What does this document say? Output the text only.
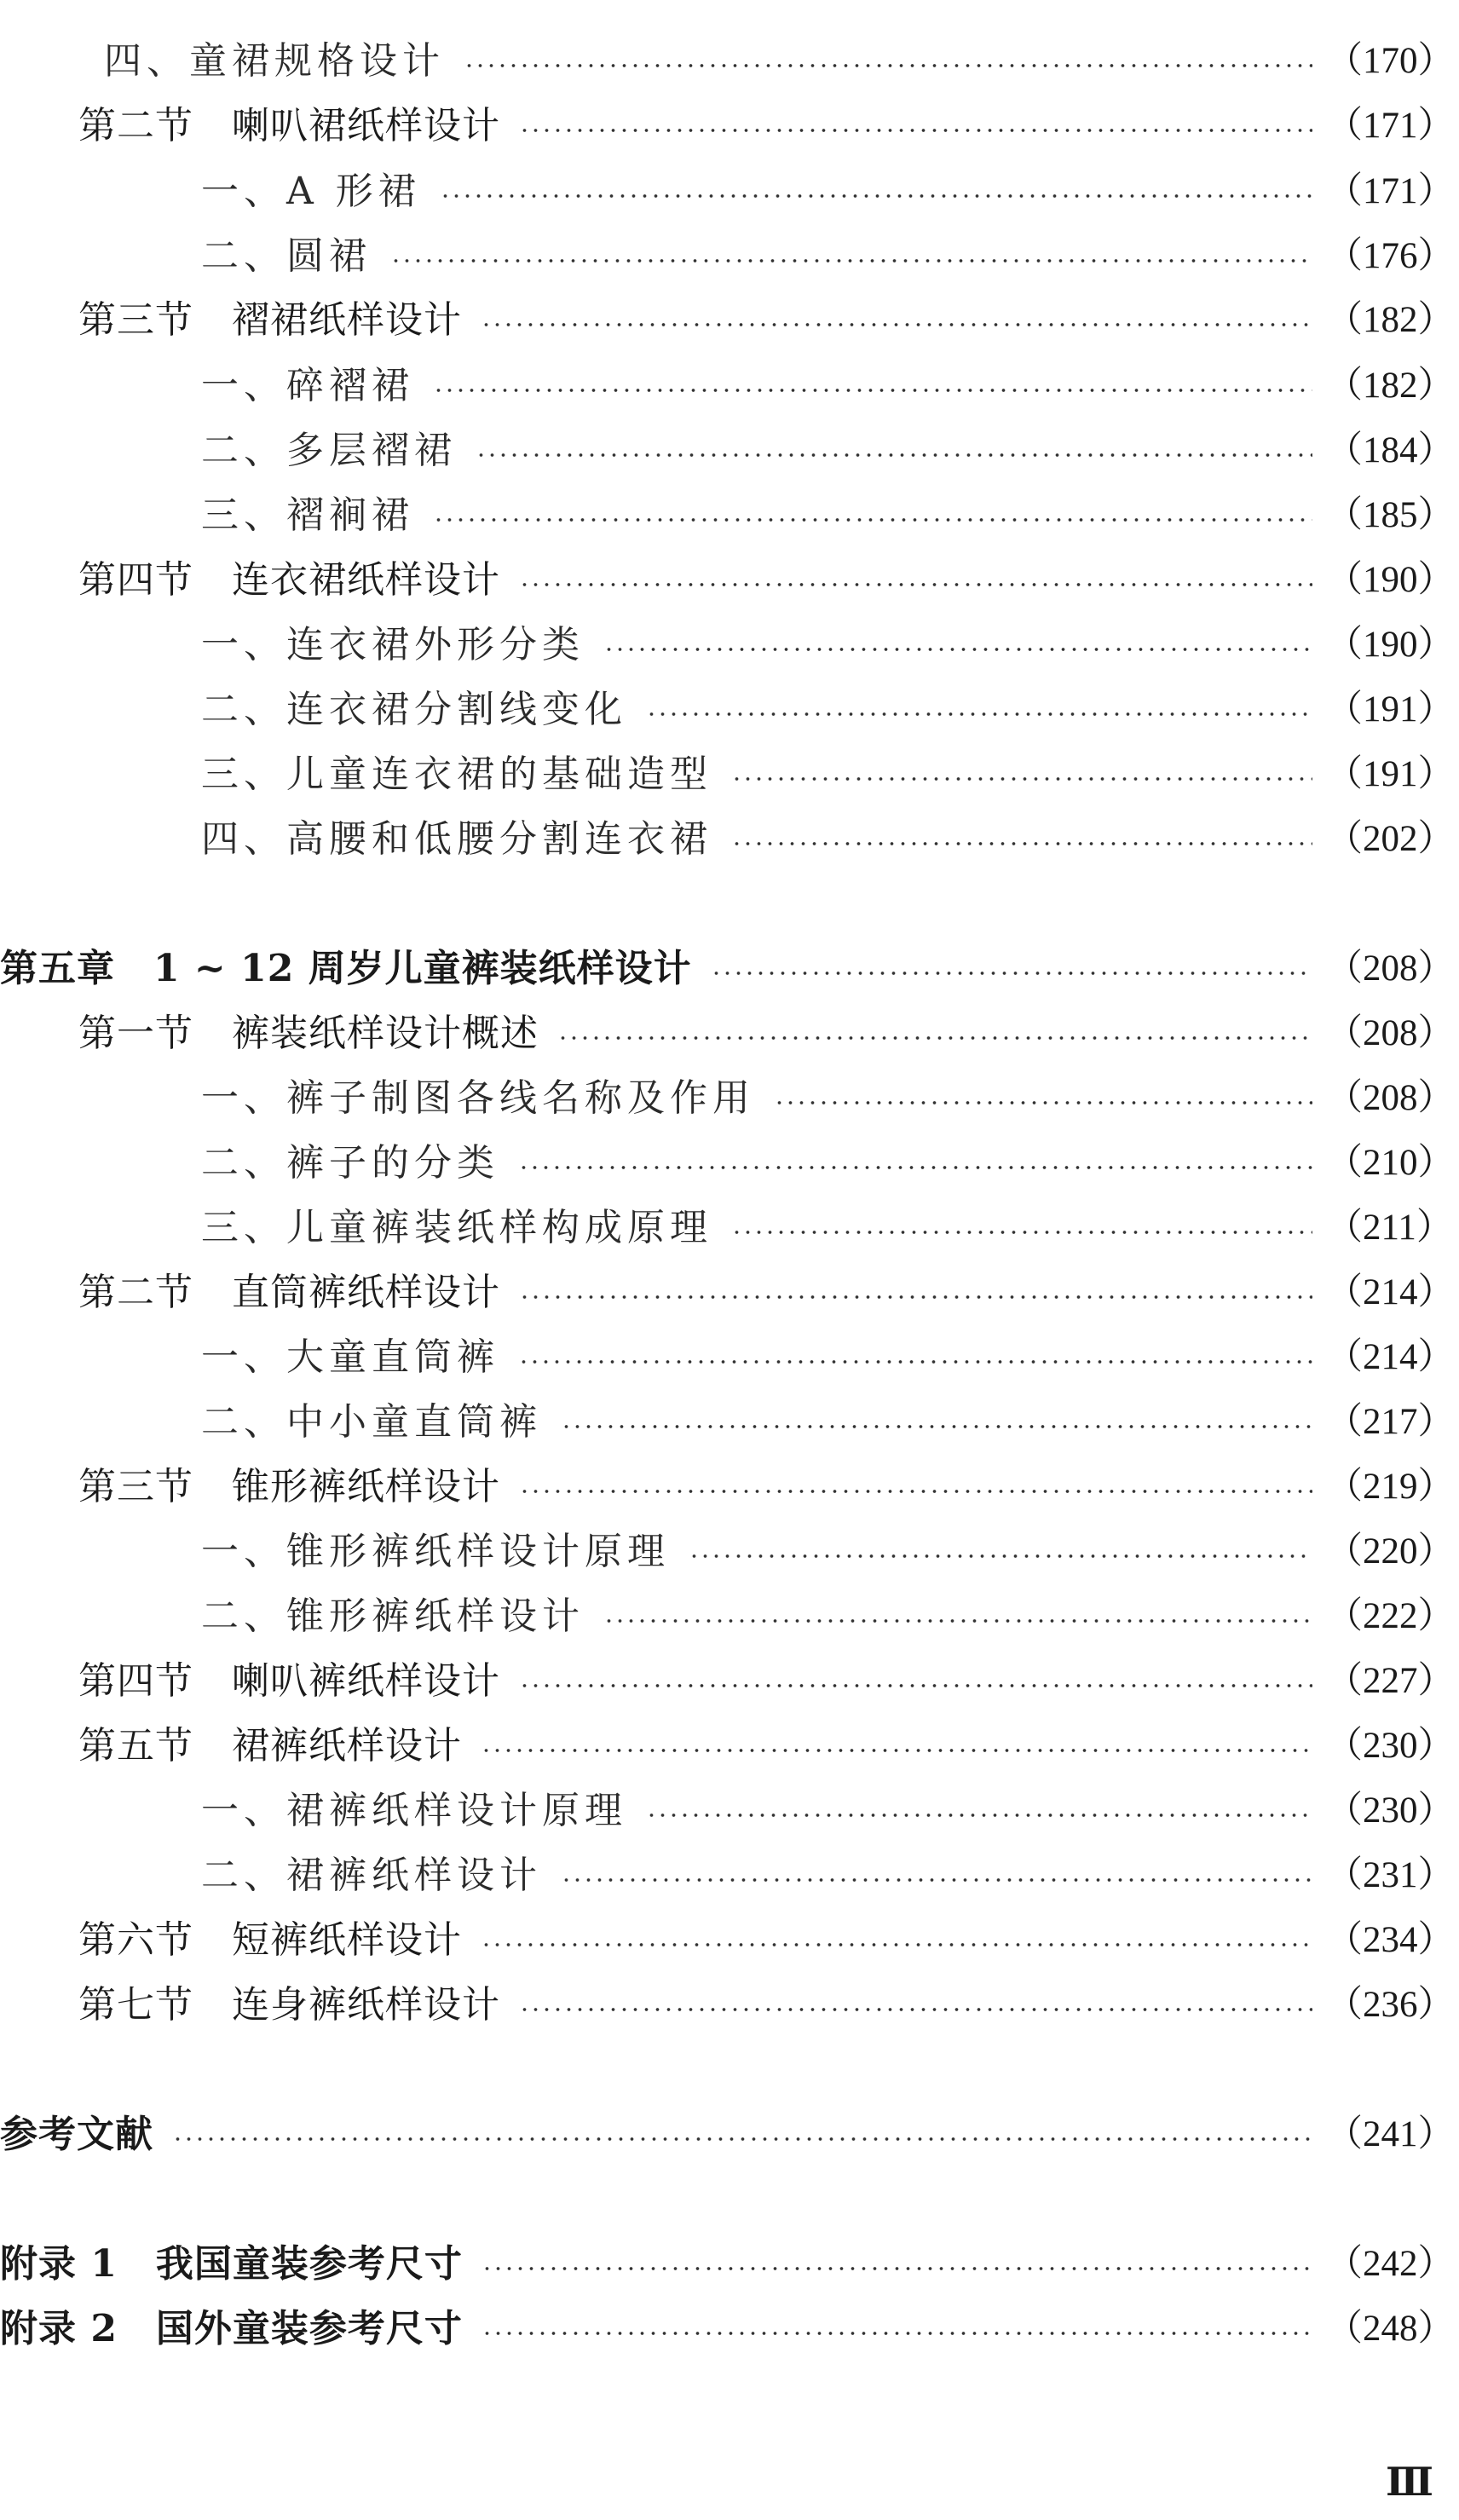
四、童裙规格设计	（170）
第二节　喇叭裙纸样设计	（171）
一、A 形裙	（171）
二、圆裙	（176）
第三节　褶裙纸样设计	（182）
一、碎褶裙	（182）
二、多层褶裙	（184）
三、褶裥裙	（185）
第四节　连衣裙纸样设计	（190）
一、连衣裙外形分类	（190）
二、连衣裙分割线变化	（191）
三、儿童连衣裙的基础造型	（191）
四、高腰和低腰分割连衣裙	（202）
第五章　1 ~ 12 周岁儿童裤装纸样设计	（208）
第一节　裤装纸样设计概述	（208）
一、裤子制图各线名称及作用	（208）
二、裤子的分类	（210）
三、儿童裤装纸样构成原理	（211）
第二节　直筒裤纸样设计	（214）
一、大童直筒裤	（214）
二、中小童直筒裤	（217）
第三节　锥形裤纸样设计	（219）
一、锥形裤纸样设计原理	（220）
二、锥形裤纸样设计	（222）
第四节　喇叭裤纸样设计	（227）
第五节　裙裤纸样设计	（230）
一、裙裤纸样设计原理	（230）
二、裙裤纸样设计	（231）
第六节　短裤纸样设计	（234）
第七节　连身裤纸样设计	（236）
参考文献	（241）
附录 1　我国童装参考尺寸	（242）
附录 2　国外童装参考尺寸	（248）
Ⅲ
